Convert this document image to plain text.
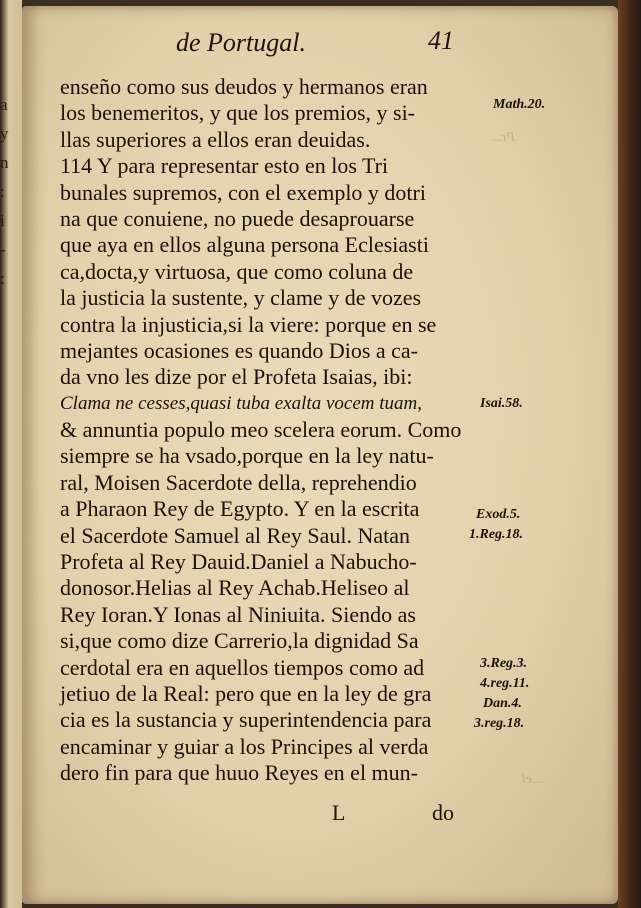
a
y
n
:
i
-
:
Pr...
...el
de Portugal.	41
enseño como sus deudos y hermanos eran
los benemeritos, y que los premios, y si-
llas superiores a ellos eran deuidas.
114 Y para representar esto en los Tri
bunales supremos, con el exemplo y dotri
na que conuiene, no puede desaprouarse
que aya en ellos alguna persona Eclesiasti
ca,docta,y virtuosa, que como coluna de
la justicia la sustente, y clame y de vozes
contra la injusticia,si la viere: porque en se
mejantes ocasiones es quando Dios a ca-
da vno les dize por el Profeta Isaias, ibi:
Clama ne cesses,quasi tuba exalta vocem tuam,
& annuntia populo meo scelera eorum. Como
siempre se ha vsado,porque en la ley natu-
ral, Moisen Sacerdote della, reprehendio
a Pharaon Rey de Egypto. Y en la escrita
el Sacerdote Samuel al Rey Saul. Natan
Profeta al Rey Dauid.Daniel a Nabucho-
donosor.Helias al Rey Achab.Heliseo al
Rey Ioran.Y Ionas al Niniuita. Siendo as
si,que como dize Carrerio,la dignidad Sa
cerdotal era en aquellos tiempos como ad
jetiuo de la Real: pero que en la ley de gra
cia es la sustancia y superintendencia para
encaminar y guiar a los Principes al verda
dero fin para que huuo Reyes en el mun-
Math.20.
Isai.58.
Exod.5.
1.Reg.18.
3.Reg.3.
4.reg.11.
Dan.4.
3.reg.18.
L	do
